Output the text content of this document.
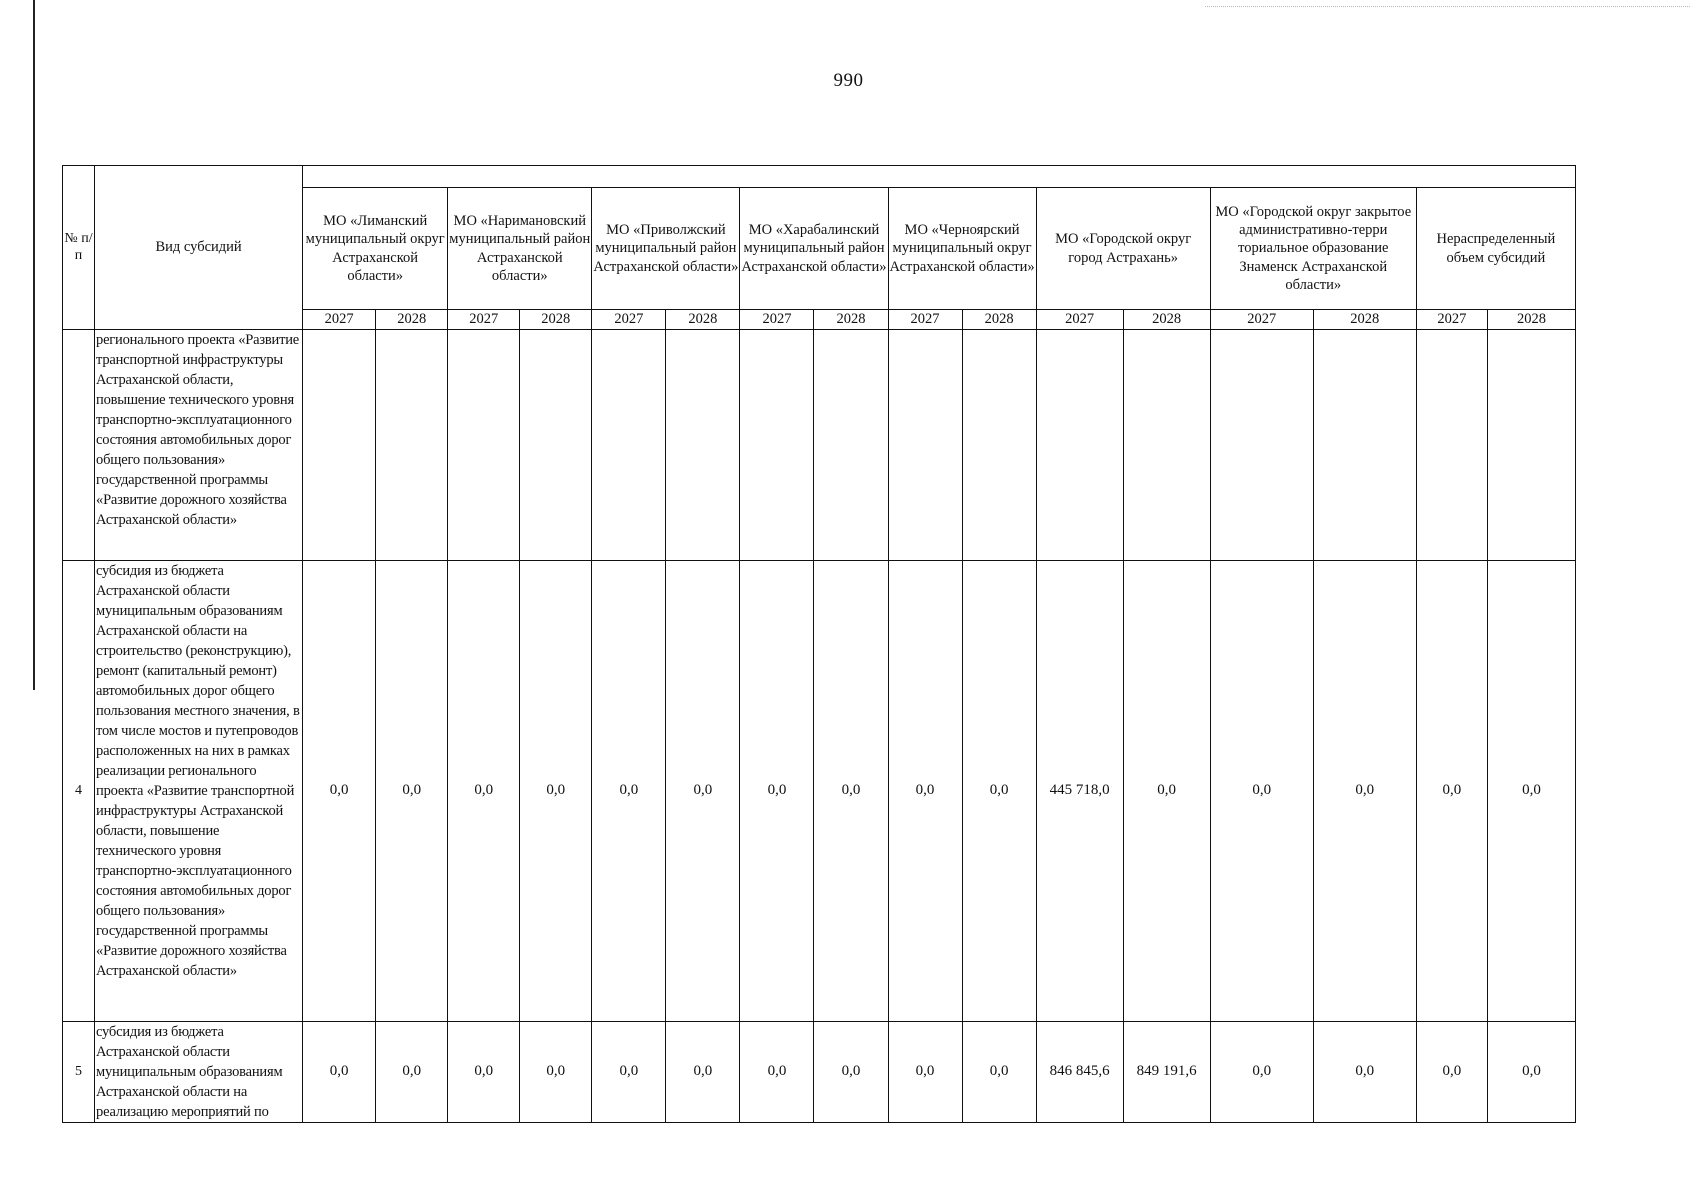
990
№ п/п	Вид субсидий																
		МО «Лиманский муниципальный округ Астраханской области»		МО «Наримановский муниципальный район Астраханской области»		МО «Приволжский муниципальный район Астраханской области»		МО «Харабалинский муниципальный район Астраханской области»		МО «Черноярский муниципальный округ Астраханской области»		МО «Городской округ город Астрахань»		МО «Городской округ закрытое административно-терри ториальное образование Знаменск Астраханской области»		Нераспределенный объем субсидий	
		2027	2028	2027	2028	2027	2028	2027	2028	2027	2028	2027	2028	2027	2028	2027	2028
	регионального проекта «Развитие транспортной инфраструктуры Астраханской области, повышение технического уровня транспортно-эксплуатационного состояния автомобильных дорог общего пользования» государственной программы «Развитие дорожного хозяйства Астраханской области»																
4	субсидия из бюджета Астраханской области муниципальным образованиям Астраханской области на строительство (реконструкцию), ремонт (капитальный ремонт) автомобильных дорог общего пользования местного значения, в том числе мостов и путепроводов расположенных на них в рамках реализации регионального проекта «Развитие транспортной инфраструктуры Астраханской области, повышение технического уровня транспортно-эксплуатационного состояния автомобильных дорог общего пользования» государственной программы «Развитие дорожного хозяйства Астраханской области»	0,0	0,0	0,0	0,0	0,0	0,0	0,0	0,0	0,0	0,0	445 718,0	0,0	0,0	0,0	0,0	0,0
5	субсидия из бюджета Астраханской области муниципальным образованиям Астраханской области на реализацию мероприятий по	0,0	0,0	0,0	0,0	0,0	0,0	0,0	0,0	0,0	0,0	846 845,6	849 191,6	0,0	0,0	0,0	0,0
